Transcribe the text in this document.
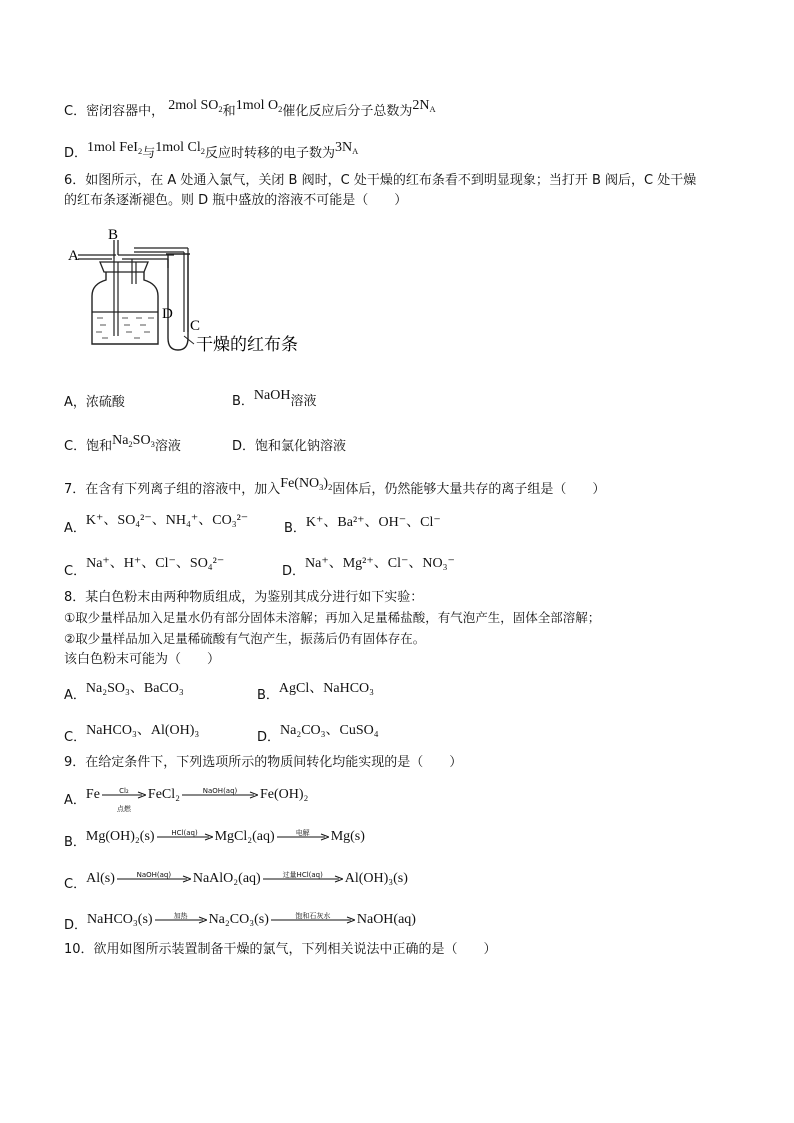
C．密闭容器中， 2mol $SO_2$和1mol $O_2$催化反应后分子总数为$2N_A$
D．1mol FeI$_2$与1mol $Cl_2$反应时转移的电子数为$3N_A$
6．如图所示，在 A 处通入氯气，关闭 B 阀时，C 处干燥的红布条看不到明显现象；当打开 B 阀后，C 处干燥
的红布条逐渐褪色。则 D 瓶中盛放的溶液不可能是（　　）
A
B
D
C
干燥的红布条
A，浓硫酸	B．NaOH溶液
C．饱和$Na_2SO_3$溶液	D．饱和氯化钠溶液
7．在含有下列离子组的溶液中，加入$Fe(NO_3)_2$固体后，仍然能够大量共存的离子组是（　　）
A．K⁺、SO₄²⁻、NH₄⁺、CO₃²⁻
B．K⁺、Ba²⁺、OH⁻、Cl⁻
C．Na⁺、H⁺、Cl⁻、SO₄²⁻
D．Na⁺、Mg²⁺、Cl⁻、NO₃⁻
8．某白色粉末由两种物质组成，为鉴别其成分进行如下实验：
①取少量样品加入足量水仍有部分固体未溶解；再加入足量稀盐酸，有气泡产生，固体全部溶解；
②取少量样品加入足量稀硫酸有气泡产生，振荡后仍有固体存在。
该白色粉末可能为（　　）
A．Na₂SO₃、BaCO₃	B．AgCl、NaHCO₃
C．NaHCO₃、Al(OH)₃	D．Na₂CO₃、CuSO₄
9．在给定条件下，下列选项所示的物质间转化均能实现的是（　　）
A．Fe	Cl₂
点燃
FeCl₂	NaOH(aq)	Fe(OH)₂
B．Mg(OH)₂(s)	HCl(aq)	MgCl₂(aq)	电解	Mg(s)
C．Al(s)	NaOH(aq)	NaAlO₂(aq)	过量HCl(aq)	Al(OH)₃(s)
D．NaHCO₃(s)	加热	Na₂CO₃(s)	饱和石灰水	NaOH(aq)
10．欲用如图所示装置制备干燥的氯气，下列相关说法中正确的是（　　）
